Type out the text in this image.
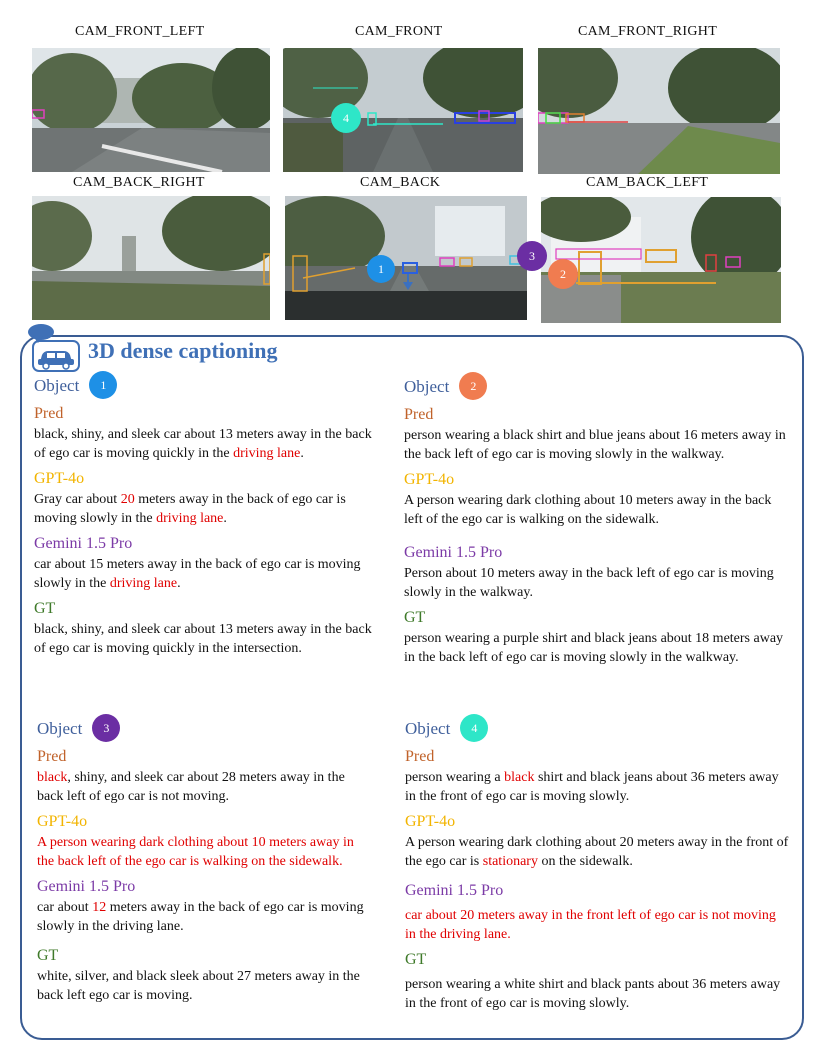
CAM_FRONT_LEFT	CAM_FRONT	CAM_FRONT_RIGHT
CAM_BACK_RIGHT	CAM_BACK	CAM_BACK_LEFT
4
1
3
2
3D dense captioning
Object	1
Pred
black, shiny, and sleek car about 13 meters away in the back of ego car is moving quickly in the driving lane.
GPT-4o
Gray car about 20 meters away in the back of ego car is moving slowly in the driving lane.
Gemini 1.5 Pro
car about 15 meters away in the back of ego car is moving slowly in the driving lane.
GT
black, shiny, and sleek car about 13 meters away in the back of ego car is moving quickly in the intersection.
Object	2
Pred
person wearing a black shirt and blue jeans about 16 meters away in the back left of ego car is moving slowly in the walkway.
GPT-4o
A person wearing dark clothing about 10 meters away in the back left of the ego car is walking on the sidewalk.
Gemini 1.5 Pro
Person about 10 meters away in the back left of ego car is moving slowly in the walkway.
GT
person wearing a purple shirt and black jeans about 18 meters away in the back left of ego car is moving slowly in the walkway.
Object	3
Pred
black, shiny, and sleek car about 28 meters away in the back left of ego car is not moving.
GPT-4o
A person wearing dark clothing about 10 meters away in the back left of the ego car is walking on the sidewalk.
Gemini 1.5 Pro
car about 12 meters away in the back of ego car is moving slowly in the driving lane.
GT
white, silver, and black sleek about 27 meters away in the back left ego car is moving.
Object	4
Pred
person wearing a black shirt and black jeans about 36 meters away in the front of ego car is moving slowly.
GPT-4o
A person wearing dark clothing about 20 meters away in the front of the ego car is stationary on the sidewalk.
Gemini 1.5 Pro
car about 20 meters away in the front left of ego car is not moving in the driving lane.
GT
person wearing a white shirt and black pants about 36 meters away in the front of ego car is moving slowly.
